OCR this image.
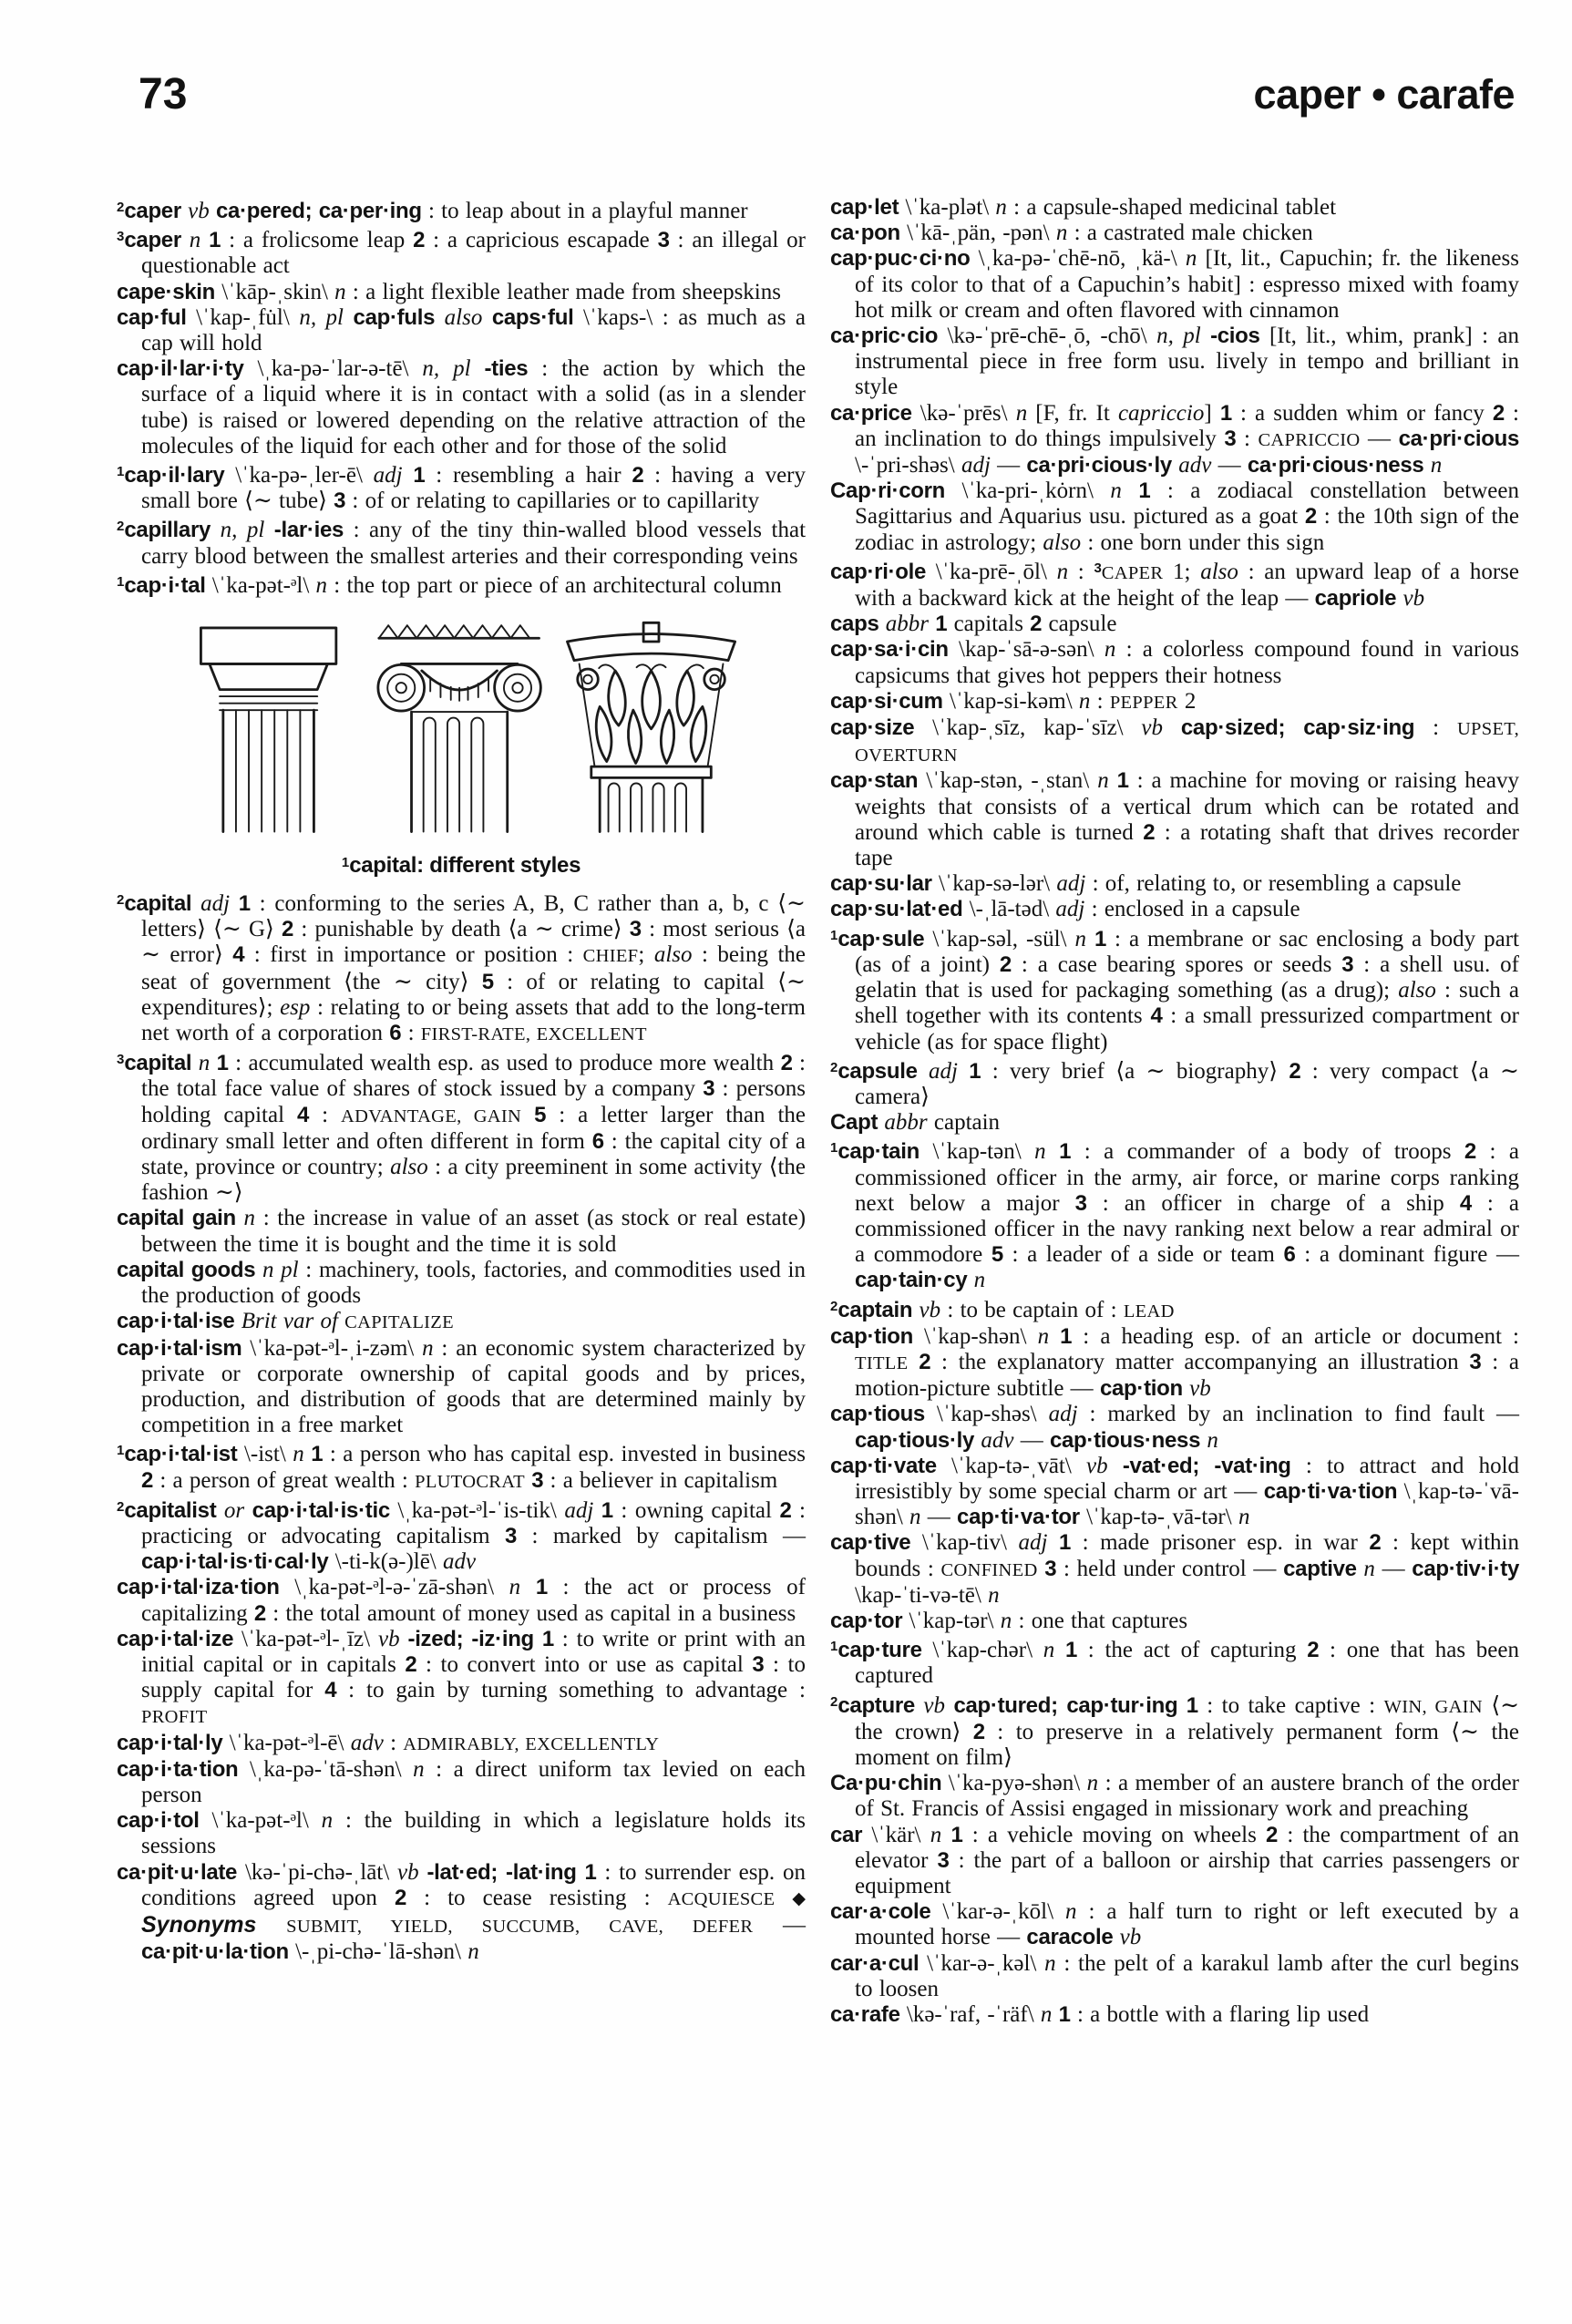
73	caper • carafe

$^2$caper vb ca·pered; ca·per·ing : to leap about in a playful manner

$^3$caper n 1 : a frolicsome leap 2 : a capricious escapade 3 : an illegal or questionable act

cape·skin \ˈkāp-ˌskin\ n : a light flexible leather made from sheepskins

cap·ful \ˈkap-ˌfu̇l\ n, pl cap·fuls also caps·ful \ˈkaps-\ : as much as a cap will hold

cap·il·lar·i·ty \ˌka-pə-ˈlar-ə-tē\ n, pl -ties : the action by which the surface of a liquid where it is in contact with a solid (as in a slender tube) is raised or lowered depending on the relative attraction of the molecules of the liquid for each other and for those of the solid

$^1$cap·il·lary \ˈka-pə-ˌler-ē\ adj 1 : resembling a hair 2 : having a very small bore ⟨∼ tube⟩ 3 : of or relating to capillaries or to capillarity

$^2$capillary n, pl -lar·ies : any of the tiny thin-walled blood vessels that carry blood between the smallest arteries and their corresponding veins

$^1$cap·i·tal \ˈka-pət-ᵊl\ n : the top part or piece of an architectural column

$^1$capital: different styles

$^2$capital adj 1 : conforming to the series A, B, C rather than a, b, c ⟨∼ letters⟩ ⟨∼ G⟩ 2 : punishable by death ⟨a ∼ crime⟩ 3 : most serious ⟨a ∼ error⟩ 4 : first in importance or position : CHIEF; also : being the seat of government ⟨the ∼ city⟩ 5 : of or relating to capital ⟨∼ expenditures⟩; esp : relating to or being assets that add to the long-term net worth of a corporation 6 : FIRST-RATE, EXCELLENT

$^3$capital n 1 : accumulated wealth esp. as used to produce more wealth 2 : the total face value of shares of stock issued by a company 3 : persons holding capital 4 : ADVANTAGE, GAIN 5 : a letter larger than the ordinary small letter and often different in form 6 : the capital city of a state, province or country; also : a city preeminent in some activity ⟨the fashion ∼⟩

capital gain n : the increase in value of an asset (as stock or real estate) between the time it is bought and the time it is sold

capital goods n pl : machinery, tools, factories, and commodities used in the production of goods

cap·i·tal·ise Brit var of CAPITALIZE

cap·i·tal·ism \ˈka-pət-ᵊl-ˌi-zəm\ n : an economic system characterized by private or corporate ownership of capital goods and by prices, production, and distribution of goods that are determined mainly by competition in a free market

$^1$cap·i·tal·ist \-ist\ n 1 : a person who has capital esp. invested in business 2 : a person of great wealth : PLUTOCRAT 3 : a believer in capitalism

$^2$capitalist or cap·i·tal·is·tic \ˌka-pət-ᵊl-ˈis-tik\ adj 1 : owning capital 2 : practicing or advocating capitalism 3 : marked by capitalism — cap·i·tal·is·ti·cal·ly \-ti-k(ə-)lē\ adv

cap·i·tal·iza·tion \ˌka-pət-ᵊl-ə-ˈzā-shən\ n 1 : the act or process of capitalizing 2 : the total amount of money used as capital in a business

cap·i·tal·ize \ˈka-pət-ᵊl-ˌīz\ vb -ized; -iz·ing 1 : to write or print with an initial capital or in capitals 2 : to convert into or use as capital 3 : to supply capital for 4 : to gain by turning something to advantage : PROFIT

cap·i·tal·ly \ˈka-pət-ᵊl-ē\ adv : ADMIRABLY, EXCELLENTLY

cap·i·ta·tion \ˌka-pə-ˈtā-shən\ n : a direct uniform tax levied on each person

cap·i·tol \ˈka-pət-ᵊl\ n : the building in which a legislature holds its sessions

ca·pit·u·late \kə-ˈpi-chə-ˌlāt\ vb -lat·ed; -lat·ing 1 : to surrender esp. on conditions agreed upon 2 : to cease resisting : ACQUIESCE ◆ Synonyms SUBMIT, YIELD, SUCCUMB, CAVE, DEFER — ca·pit·u·la·tion \-ˌpi-chə-ˈlā-shən\ n

cap·let \ˈka-plət\ n : a capsule-shaped medicinal tablet

ca·pon \ˈkā-ˌpän, -pən\ n : a castrated male chicken

cap·puc·ci·no \ˌka-pə-ˈchē-nō, ˌkä-\ n [It, lit., Capuchin; fr. the likeness of its color to that of a Capuchin’s habit] : espresso mixed with foamy hot milk or cream and often flavored with cinnamon

ca·pric·cio \kə-ˈprē-chē-ˌō, -chō\ n, pl -cios [It, lit., whim, prank] : an instrumental piece in free form usu. lively in tempo and brilliant in style

ca·price \kə-ˈprēs\ n [F, fr. It capriccio] 1 : a sudden whim or fancy 2 : an inclination to do things impulsively 3 : CAPRICCIO — ca·pri·cious \-ˈpri-shəs\ adj — ca·pri·cious·ly adv — ca·pri·cious·ness n

Cap·ri·corn \ˈka-pri-ˌkȯrn\ n 1 : a zodiacal constellation between Sagittarius and Aquarius usu. pictured as a goat 2 : the 10th sign of the zodiac in astrology; also : one born under this sign

cap·ri·ole \ˈka-prē-ˌōl\ n : $^3$CAPER 1; also : an upward leap of a horse with a backward kick at the height of the leap — capriole vb

caps abbr 1 capitals 2 capsule

cap·sa·i·cin \kap-ˈsā-ə-sən\ n : a colorless compound found in various capsicums that gives hot peppers their hotness

cap·si·cum \ˈkap-si-kəm\ n : PEPPER 2

cap·size \ˈkap-ˌsīz, kap-ˈsīz\ vb cap·sized; cap·siz·ing : UPSET, OVERTURN

cap·stan \ˈkap-stən, -ˌstan\ n 1 : a machine for moving or raising heavy weights that consists of a vertical drum which can be rotated and around which cable is turned 2 : a rotating shaft that drives recorder tape

cap·su·lar \ˈkap-sə-lər\ adj : of, relating to, or resembling a capsule

cap·su·lat·ed \-ˌlā-təd\ adj : enclosed in a capsule

$^1$cap·sule \ˈkap-səl, -sül\ n 1 : a membrane or sac enclosing a body part (as of a joint) 2 : a case bearing spores or seeds 3 : a shell usu. of gelatin that is used for packaging something (as a drug); also : such a shell together with its contents 4 : a small pressurized compartment or vehicle (as for space flight)

$^2$capsule adj 1 : very brief ⟨a ∼ biography⟩ 2 : very compact ⟨a ∼ camera⟩

Capt abbr captain

$^1$cap·tain \ˈkap-tən\ n 1 : a commander of a body of troops 2 : a commissioned officer in the army, air force, or marine corps ranking next below a major 3 : an officer in charge of a ship 4 : a commissioned officer in the navy ranking next below a rear admiral or a commodore 5 : a leader of a side or team 6 : a dominant figure — cap·tain·cy n

$^2$captain vb : to be captain of : LEAD

cap·tion \ˈkap-shən\ n 1 : a heading esp. of an article or document : TITLE 2 : the explanatory matter accompanying an illustration 3 : a motion-picture subtitle — cap·tion vb

cap·tious \ˈkap-shəs\ adj : marked by an inclination to find fault — cap·tious·ly adv — cap·tious·ness n

cap·ti·vate \ˈkap-tə-ˌvāt\ vb -vat·ed; -vat·ing : to attract and hold irresistibly by some special charm or art — cap·ti·va·tion \ˌkap-tə-ˈvā-shən\ n — cap·ti·va·tor \ˈkap-tə-ˌvā-tər\ n

cap·tive \ˈkap-tiv\ adj 1 : made prisoner esp. in war 2 : kept within bounds : CONFINED 3 : held under control — captive n — cap·tiv·i·ty \kap-ˈti-və-tē\ n

cap·tor \ˈkap-tər\ n : one that captures

$^1$cap·ture \ˈkap-chər\ n 1 : the act of capturing 2 : one that has been captured

$^2$capture vb cap·tured; cap·tur·ing 1 : to take captive : WIN, GAIN ⟨∼ the crown⟩ 2 : to preserve in a relatively permanent form ⟨∼ the moment on film⟩

Ca·pu·chin \ˈka-pyə-shən\ n : a member of an austere branch of the order of St. Francis of Assisi engaged in missionary work and preaching

car \ˈkär\ n 1 : a vehicle moving on wheels 2 : the compartment of an elevator 3 : the part of a balloon or airship that carries passengers or equipment

car·a·cole \ˈkar-ə-ˌkōl\ n : a half turn to right or left executed by a mounted horse — caracole vb

car·a·cul \ˈkar-ə-ˌkəl\ n : the pelt of a karakul lamb after the curl begins to loosen

ca·rafe \kə-ˈraf, -ˈräf\ n 1 : a bottle with a flaring lip used
